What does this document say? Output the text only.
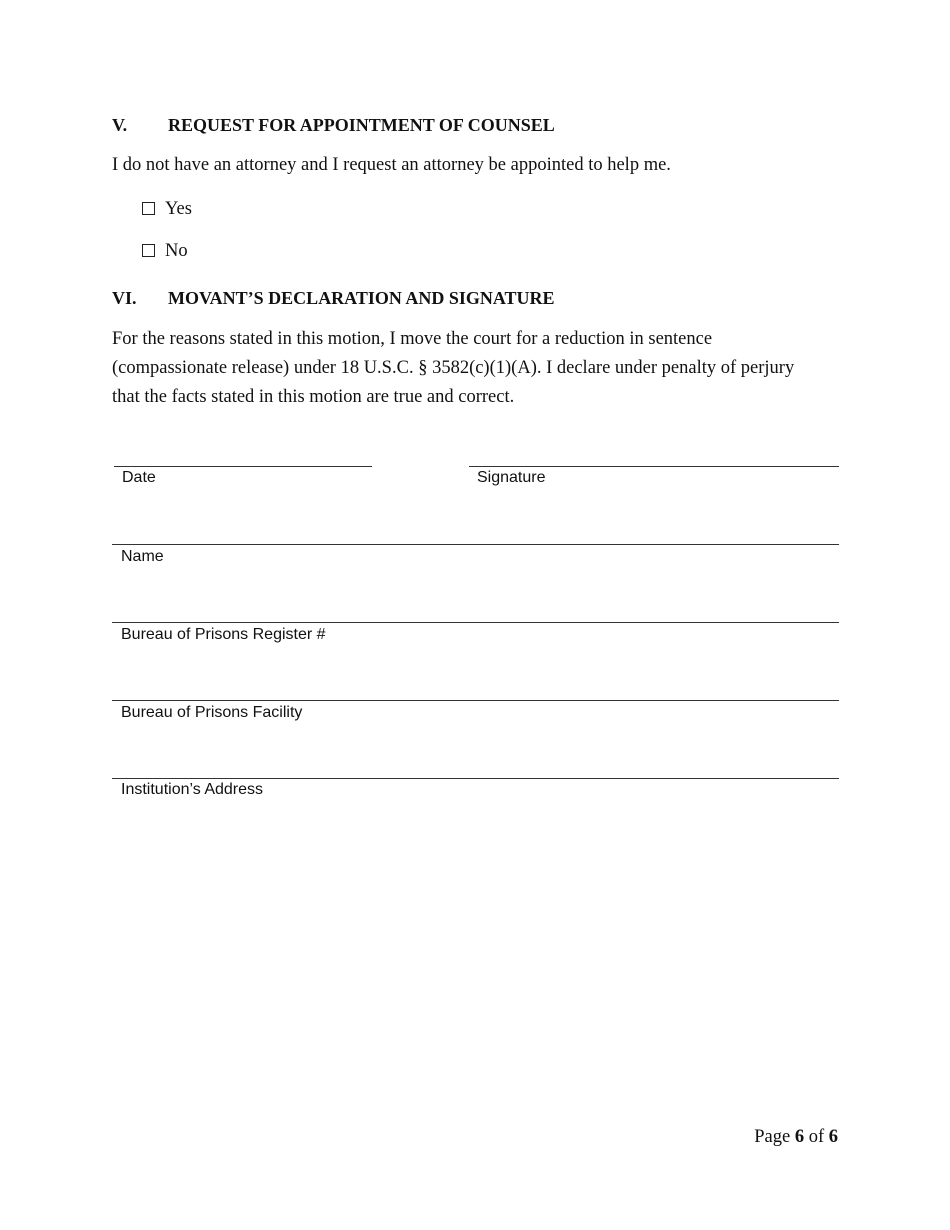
V. REQUEST FOR APPOINTMENT OF COUNSEL
I do not have an attorney and I request an attorney be appointed to help me.
Yes
No
VI. MOVANT’S DECLARATION AND SIGNATURE
For the reasons stated in this motion, I move the court for a reduction in sentence (compassionate release) under 18 U.S.C. § 3582(c)(1)(A). I declare under penalty of perjury that the facts stated in this motion are true and correct.
Date	Signature
Name
Bureau of Prisons Register #
Bureau of Prisons Facility
Institution’s Address
Page 6 of 6
